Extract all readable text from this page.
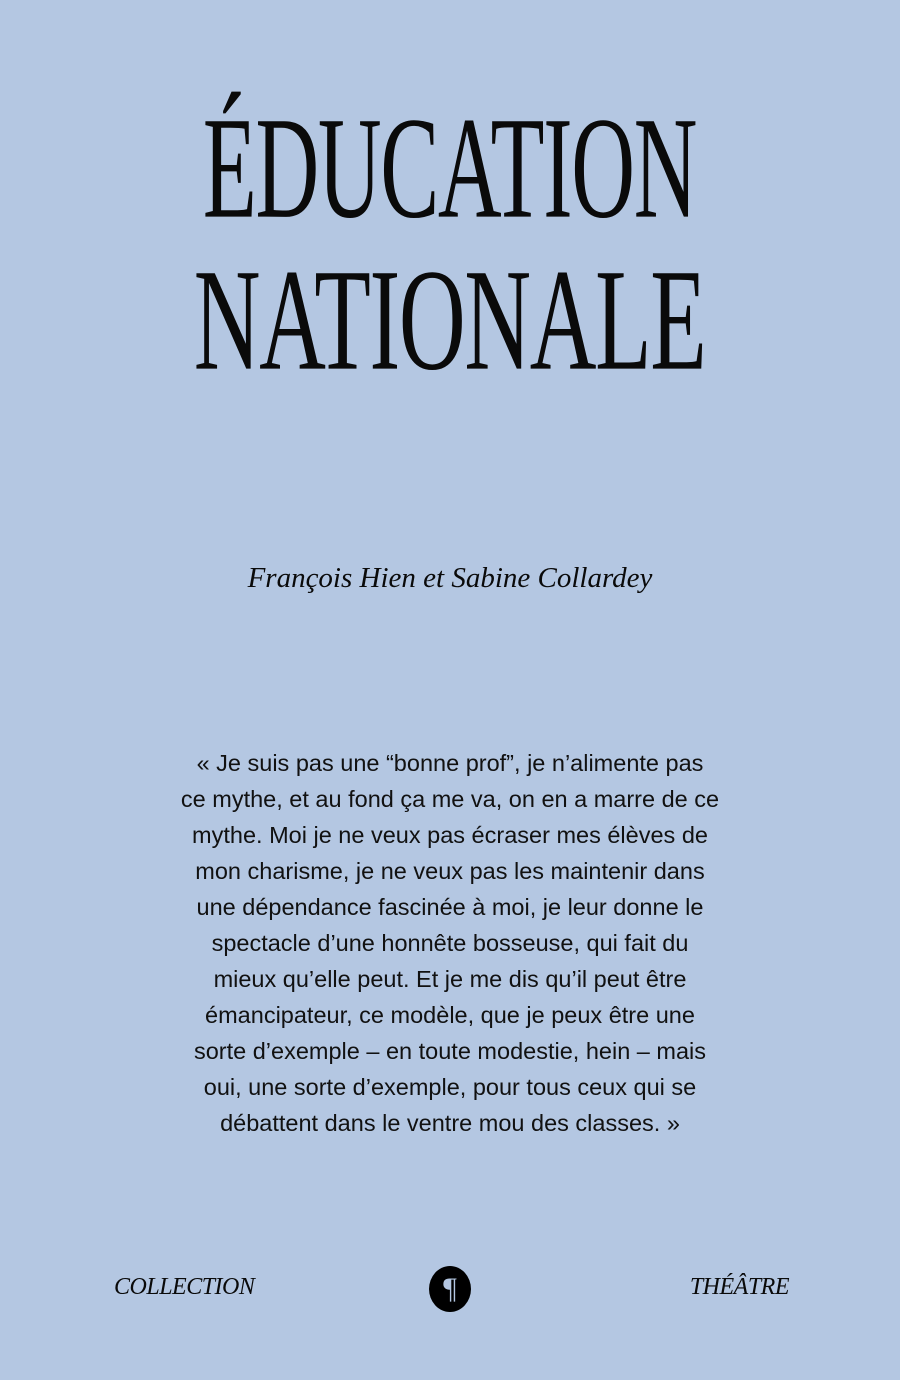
ÉDUCATION
NATIONALE
François Hien et Sabine Collardey
« Je suis pas une “bonne prof”, je n’alimente pas
ce mythe, et au fond ça me va, on en a marre de ce
mythe. Moi je ne veux pas écraser mes élèves de
mon charisme, je ne veux pas les maintenir dans
une dépendance fascinée à moi, je leur donne le
spectacle d’une honnête bosseuse, qui fait du
mieux qu’elle peut. Et je me dis qu’il peut être
émancipateur, ce modèle, que je peux être une
sorte d’exemple – en toute modestie, hein – mais
oui, une sorte d’exemple, pour tous ceux qui se
débattent dans le ventre mou des classes. »
COLLECTION	¶	THÉÂTRE
